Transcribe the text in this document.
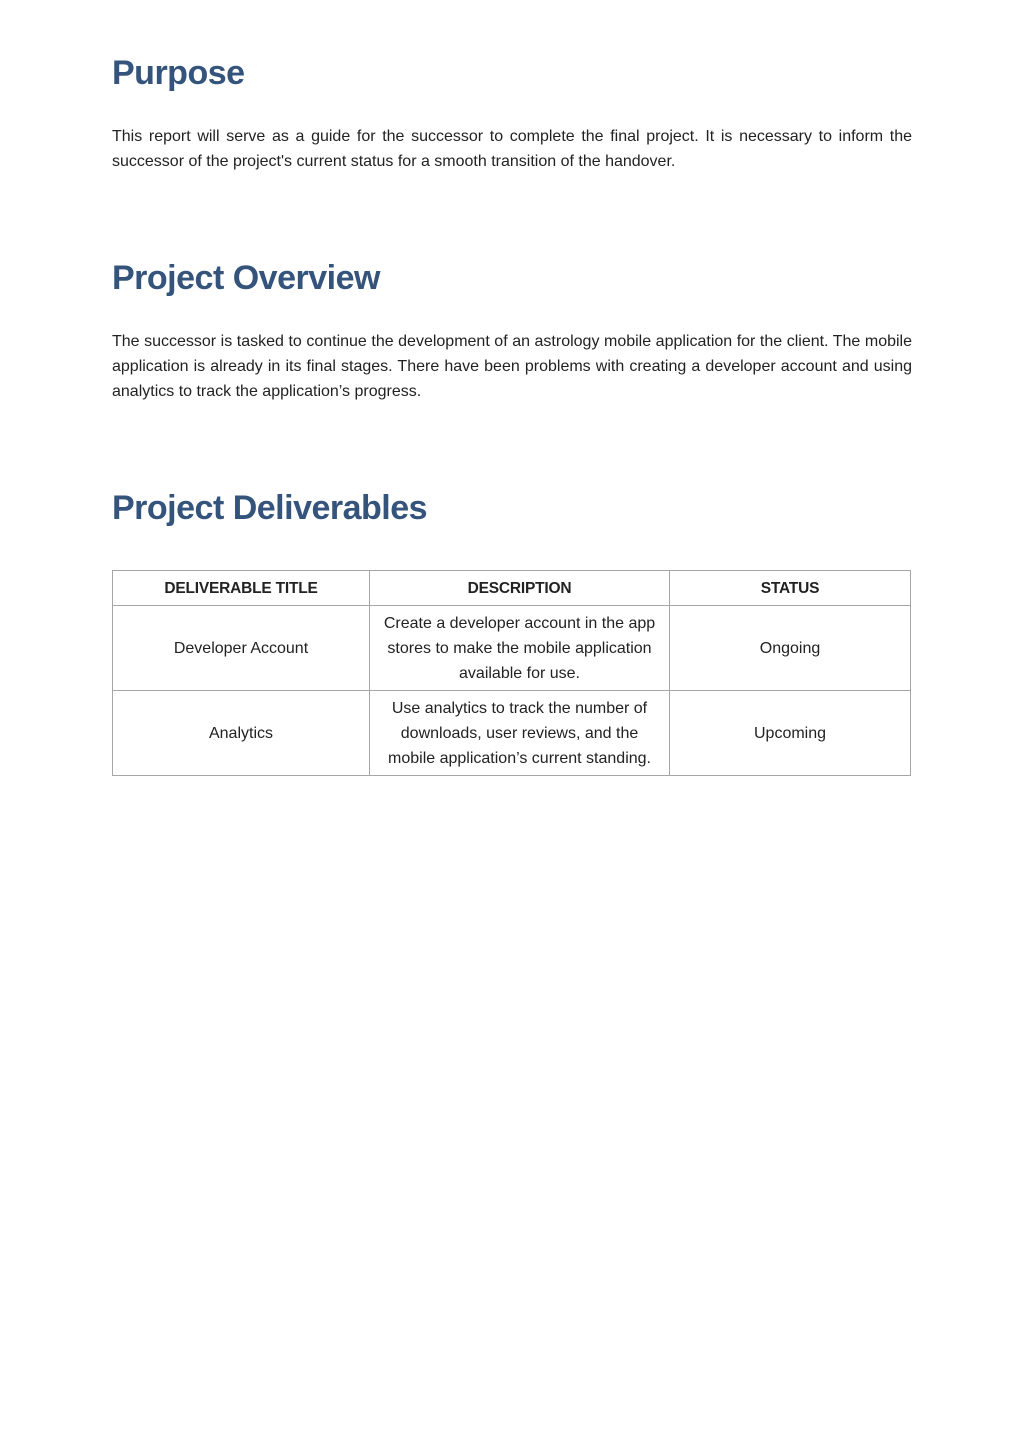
Purpose

This report will serve as a guide for the successor to complete the final project. It is necessary to inform the successor of the project's current status for a smooth transition of the handover.

Project Overview

The successor is tasked to continue the development of an astrology mobile application for the client. The mobile application is already in its final stages. There have been problems with creating a developer account and using analytics to track the application’s progress.

Project Deliverables
DELIVERABLE TITLE	DESCRIPTION	STATUS
Developer Account	Create a developer account in the app stores to make the mobile application available for use.	Ongoing
Analytics	Use analytics to track the number of downloads, user reviews, and the mobile application’s current standing.	Upcoming
